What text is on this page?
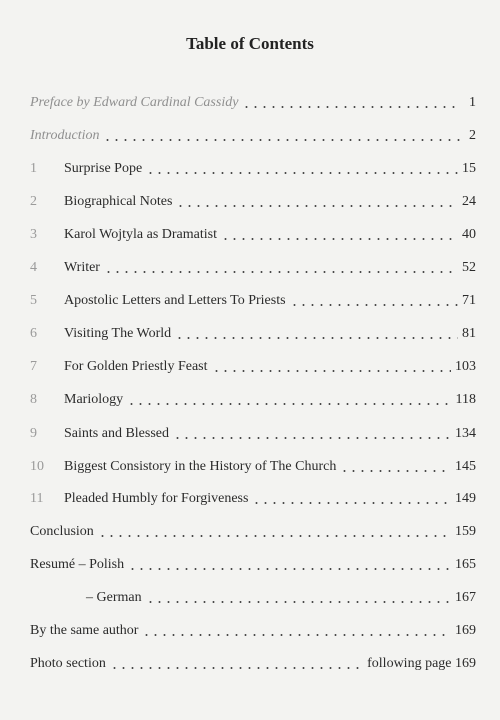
Table of Contents
Preface by Edward Cardinal Cassidy	1
Introduction	2
1	Surprise Pope	15
2	Biographical Notes	24
3	Karol Wojtyla as Dramatist	40
4	Writer	52
5	Apostolic Letters and Letters To Priests	71
6	Visiting The World	81
7	For Golden Priestly Feast	103
8	Mariology	118
9	Saints and Blessed	134
10	Biggest Consistory in the History of The Church	145
11	Pleaded Humbly for Forgiveness	149
Conclusion	159
Resumé – Polish	165
– German	167
By the same author	169
Photo section	following page 169
